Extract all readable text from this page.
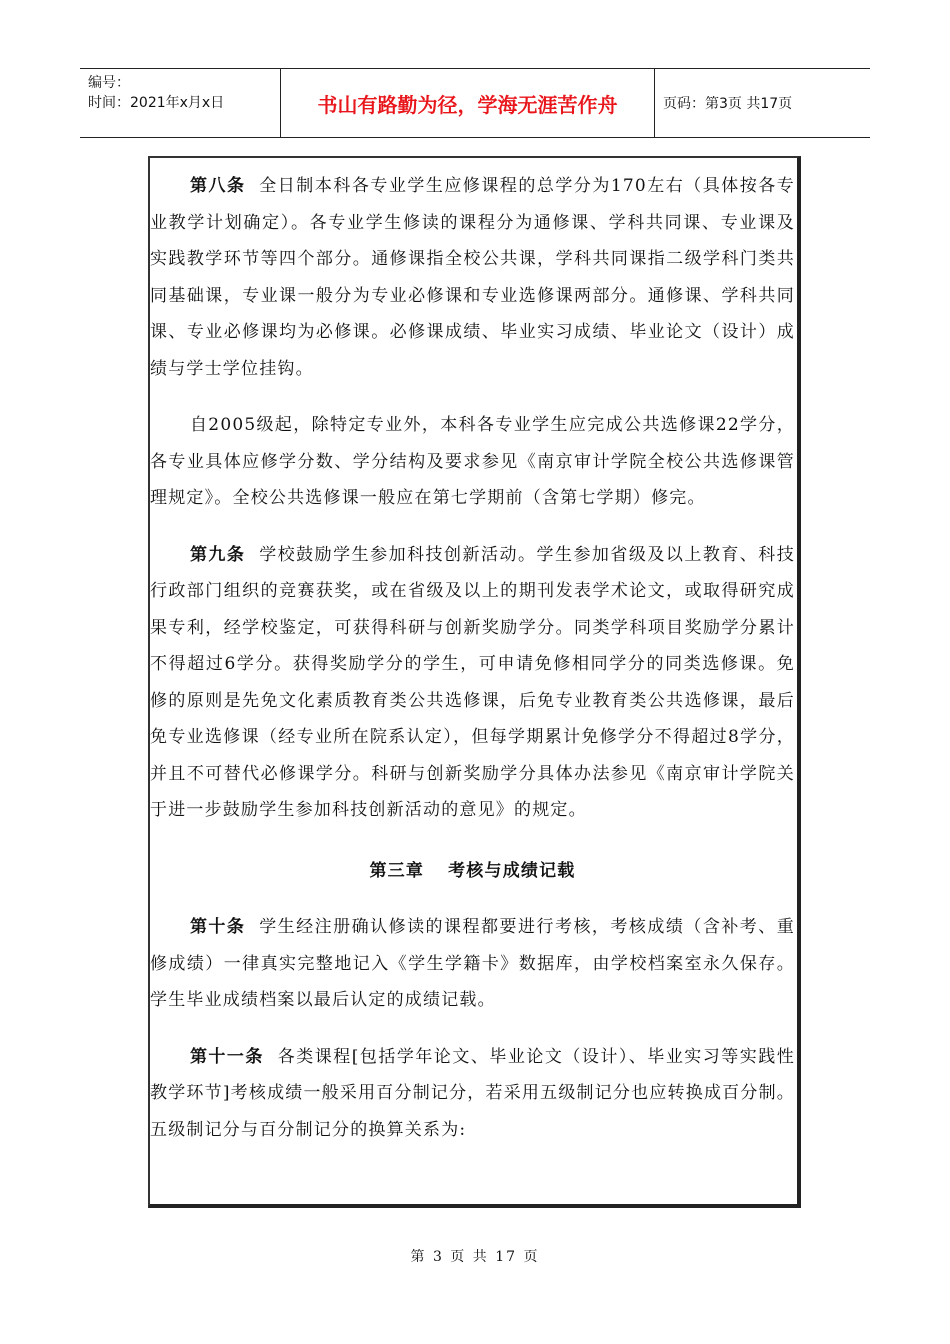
编号：
时间：2021年x月x日	书山有路勤为径，学海无涯苦作舟	页码：第3页 共17页

第八条 全日制本科各专业学生应修课程的总学分为170左右（具体按各专业教学计划确定）。各专业学生修读的课程分为通修课、学科共同课、专业课及实践教学环节等四个部分。通修课指全校公共课，学科共同课指二级学科门类共同基础课，专业课一般分为专业必修课和专业选修课两部分。通修课、学科共同课、专业必修课均为必修课。必修课成绩、毕业实习成绩、毕业论文（设计）成绩与学士学位挂钩。

自2005级起，除特定专业外，本科各专业学生应完成公共选修课22学分，各专业具体应修学分数、学分结构及要求参见《南京审计学院全校公共选修课管理规定》。全校公共选修课一般应在第七学期前（含第七学期）修完。

第九条 学校鼓励学生参加科技创新活动。学生参加省级及以上教育、科技行政部门组织的竞赛获奖，或在省级及以上的期刊发表学术论文，或取得研究成果专利，经学校鉴定，可获得科研与创新奖励学分。同类学科项目奖励学分累计不得超过6学分。获得奖励学分的学生，可申请免修相同学分的同类选修课。免修的原则是先免文化素质教育类公共选修课，后免专业教育类公共选修课，最后免专业选修课（经专业所在院系认定），但每学期累计免修学分不得超过8学分，并且不可替代必修课学分。科研与创新奖励学分具体办法参见《南京审计学院关于进一步鼓励学生参加科技创新活动的意见》的规定。

第三章 考核与成绩记载

第十条 学生经注册确认修读的课程都要进行考核，考核成绩（含补考、重修成绩）一律真实完整地记入《学生学籍卡》数据库，由学校档案室永久保存。学生毕业成绩档案以最后认定的成绩记载。

第十一条 各类课程[包括学年论文、毕业论文（设计）、毕业实习等实践性教学环节]考核成绩一般采用百分制记分，若采用五级制记分也应转换成百分制。五级制记分与百分制记分的换算关系为:

第 3 页 共 17 页
